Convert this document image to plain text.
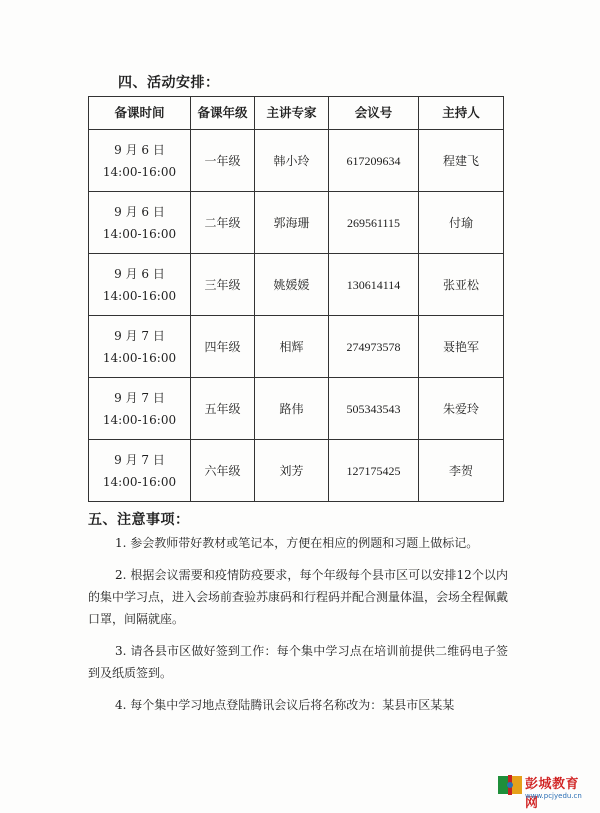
四、活动安排：
备课时间	备课年级	主讲专家	会议号	主持人
9 月 6 日
14:00-16:00	一年级	韩小玲	617209634	程建飞
9 月 6 日
14:00-16:00	二年级	郭海珊	269561115	付瑜
9 月 6 日
14:00-16:00	三年级	姚媛媛	130614114	张亚松
9 月 7 日
14:00-16:00	四年级	相辉	274973578	聂艳军
9 月 7 日
14:00-16:00	五年级	路伟	505343543	朱爱玲
9 月 7 日
14:00-16:00	六年级	刘芳	127175425	李贺
五、注意事项：

1. 参会教师带好教材或笔记本，方便在相应的例题和习题上做标记。

2. 根据会议需要和疫情防疫要求，每个年级每个县市区可以安排12个以内的集中学习点，进入会场前查验苏康码和行程码并配合测量体温，会场全程佩戴口罩，间隔就座。

3. 请各县市区做好签到工作：每个集中学习点在培训前提供二维码电子签到及纸质签到。

4. 每个集中学习地点登陆腾讯会议后将名称改为：某县市区某某

彭城教育网
www.pcjyedu.cn
